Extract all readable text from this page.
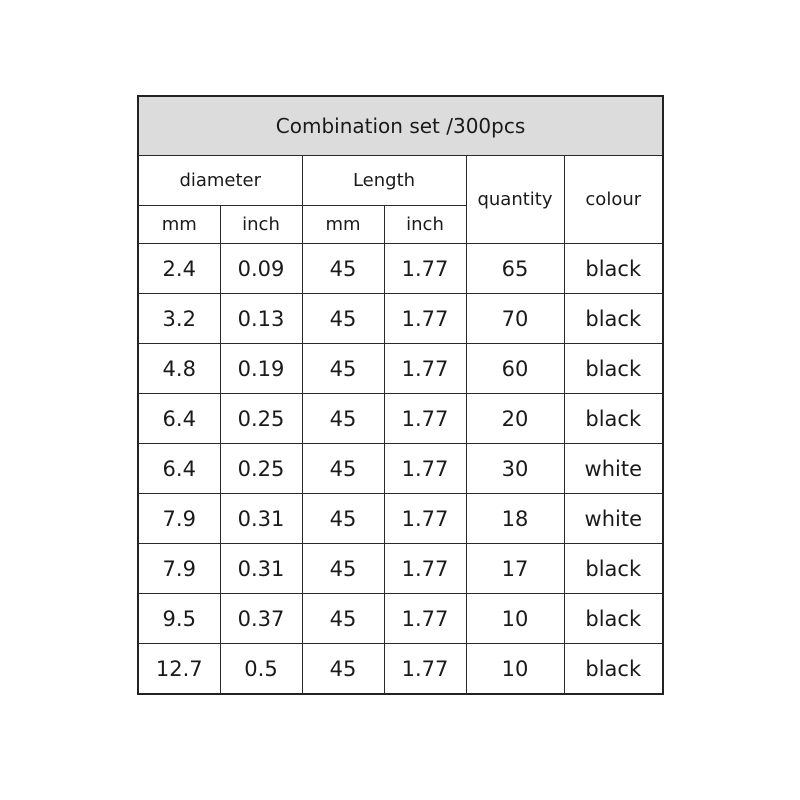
Combination set /300pcs					
diameter		Length		quantity	colour
mm	inch	mm	inch		
2.4	0.09	45	1.77	65	black
3.2	0.13	45	1.77	70	black
4.8	0.19	45	1.77	60	black
6.4	0.25	45	1.77	20	black
6.4	0.25	45	1.77	30	white
7.9	0.31	45	1.77	18	white
7.9	0.31	45	1.77	17	black
9.5	0.37	45	1.77	10	black
12.7	0.5	45	1.77	10	black
